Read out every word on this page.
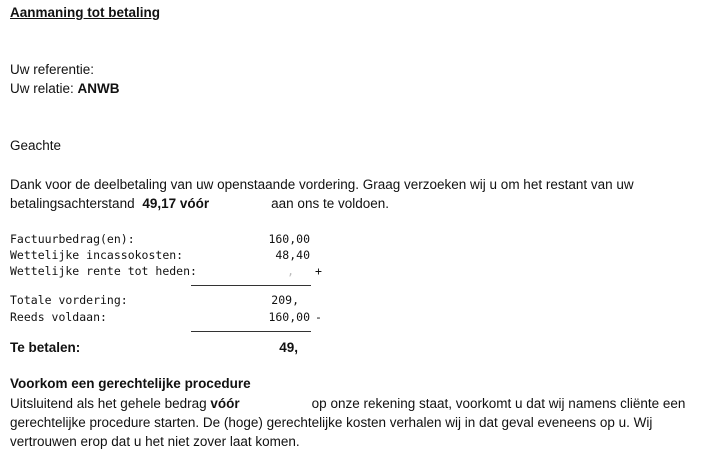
Aanmaning tot betaling
Uw referentie:
Uw relatie: ANWB
Geachte
Dank voor de deelbetaling van uw openstaande vordering. Graag verzoeken wij u om het restant van uw betalingsachterstand 49,17 vóór	aan ons te voldoen.
Factuurbedrag(en):	160,00
Wettelijke incassokosten:	48,40
Wettelijke rente tot heden:	, +
Totale vordering:	209,
Reeds voldaan:	160,00 -
Te betalen:	49,
Voorkom een gerechtelijke procedure
Uitsluitend als het gehele bedrag vóór	op onze rekening staat, voorkomt u dat wij namens cliënte een gerechtelijke procedure starten. De (hoge) gerechtelijke kosten verhalen wij in dat geval eveneens op u. Wij vertrouwen erop dat u het niet zover laat komen.
